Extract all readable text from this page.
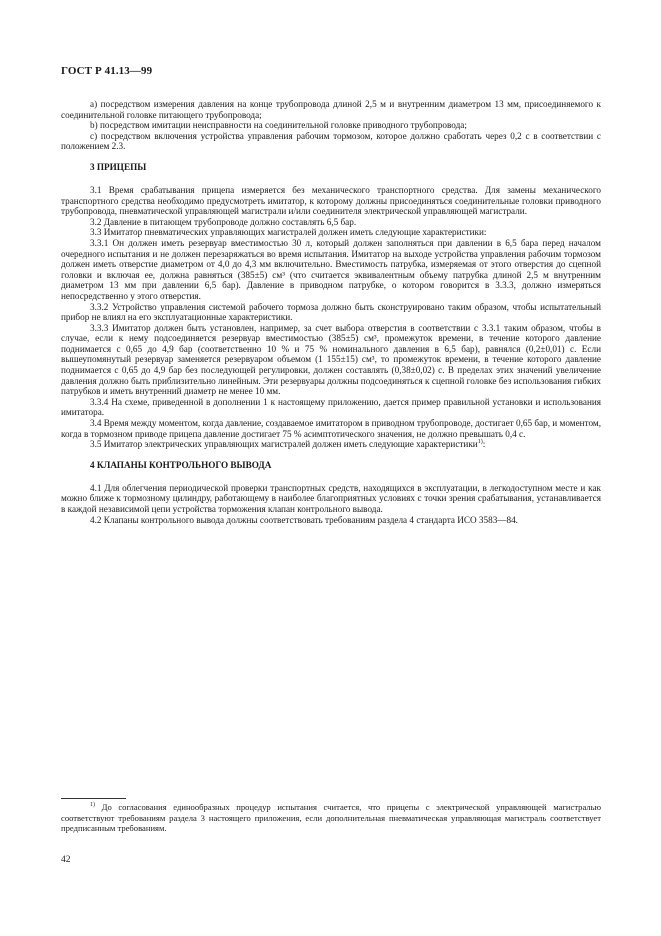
ГОСТ Р 41.13—99

a) посредством измерения давления на конце трубопровода длиной 2,5 м и внутренним диаметром 13 мм, присоединяемого к соединительной головке питающего трубопровода;

b) посредством имитации неисправности на соединительной головке приводного трубопровода;

с) посредством включения устройства управления рабочим тормозом, которое должно сработать через 0,2 с в соответствии с положением 2.3.

3 ПРИЦЕПЫ

3.1 Время срабатывания прицепа измеряется без механического транспортного средства. Для замены механического транспортного средства необходимо предусмотреть имитатор, к которому должны присоединяться соединительные головки приводного трубопровода, пневматической управляющей магистрали и/или соединителя электрической управляющей магистрали.

3.2 Давление в питающем трубопроводе должно составлять 6,5 бар.

3.3 Имитатор пневматических управляющих магистралей должен иметь следующие характеристики:

3.3.1 Он должен иметь резервуар вместимостью 30 л, который должен заполняться при давлении в 6,5 бара перед началом очередного испытания и не должен перезаряжаться во время испытания. Имитатор на выходе устройства управления рабочим тормозом должен иметь отверстие диаметром от 4,0 до 4,3 мм включительно. Вместимость патрубка, измеряемая от этого отверстия до сцепной головки и включая ее, должна равняться (385±5) см³ (что считается эквивалентным объему патрубка длиной 2,5 м внутренним диаметром 13 мм при давлении 6,5 бар). Давление в приводном патрубке, о котором говорится в 3.3.3, должно измеряться непосредственно у этого отверстия.

3.3.2 Устройство управления системой рабочего тормоза должно быть сконструировано таким образом, чтобы испытательный прибор не влиял на его эксплуатационные характеристики.

3.3.3 Имитатор должен быть установлен, например, за счет выбора отверстия в соответствии с 3.3.1 таким образом, чтобы в случае, если к нему подсоединяется резервуар вместимостью (385±5) см³, промежуток времени, в течение которого давление поднимается с 0,65 до 4,9 бар (соответственно 10 % и 75 % номинального давления в 6,5 бар), равнялся (0,2±0,01) с. Если вышеупомянутый резервуар заменяется резервуаром объемом (1 155±15) см³, то промежуток времени, в течение которого давление поднимается с 0,65 до 4,9 бар без последующей регулировки, должен составлять (0,38±0,02) с. В пределах этих значений увеличение давления должно быть приблизительно линейным. Эти резервуары должны подсоединяться к сцепной головке без использования гибких патрубков и иметь внутренний диаметр не менее 10 мм.

3.3.4 На схеме, приведенной в дополнении 1 к настоящему приложению, дается пример правильной установки и использования имитатора.

3.4 Время между моментом, когда давление, создаваемое имитатором в приводном трубопроводе, достигает 0,65 бар, и моментом, когда в тормозном приводе прицепа давление достигает 75 % асимптотического значения, не должно превышать 0,4 с.

3.5 Имитатор электрических управляющих магистралей должен иметь следующие характеристики$^{1)}$:

4 КЛАПАНЫ КОНТРОЛЬНОГО ВЫВОДА

4.1 Для облегчения периодической проверки транспортных средств, находящихся в эксплуатации, в легкодоступном месте и как можно ближе к тормозному цилиндру, работающему в наиболее благоприятных условиях с точки зрения срабатывания, устанавливается в каждой независимой цепи устройства торможения клапан контрольного вывода.

4.2 Клапаны контрольного вывода должны соответствовать требованиям раздела 4 стандарта ИСО 3583—84.

$^{1)}$ До согласования единообразных процедур испытания считается, что прицепы с электрической управляющей магистралью соответствуют требованиям раздела 3 настоящего приложения, если дополнительная пневматическая управляющая магистраль соответствует предписанным требованиям.
42
